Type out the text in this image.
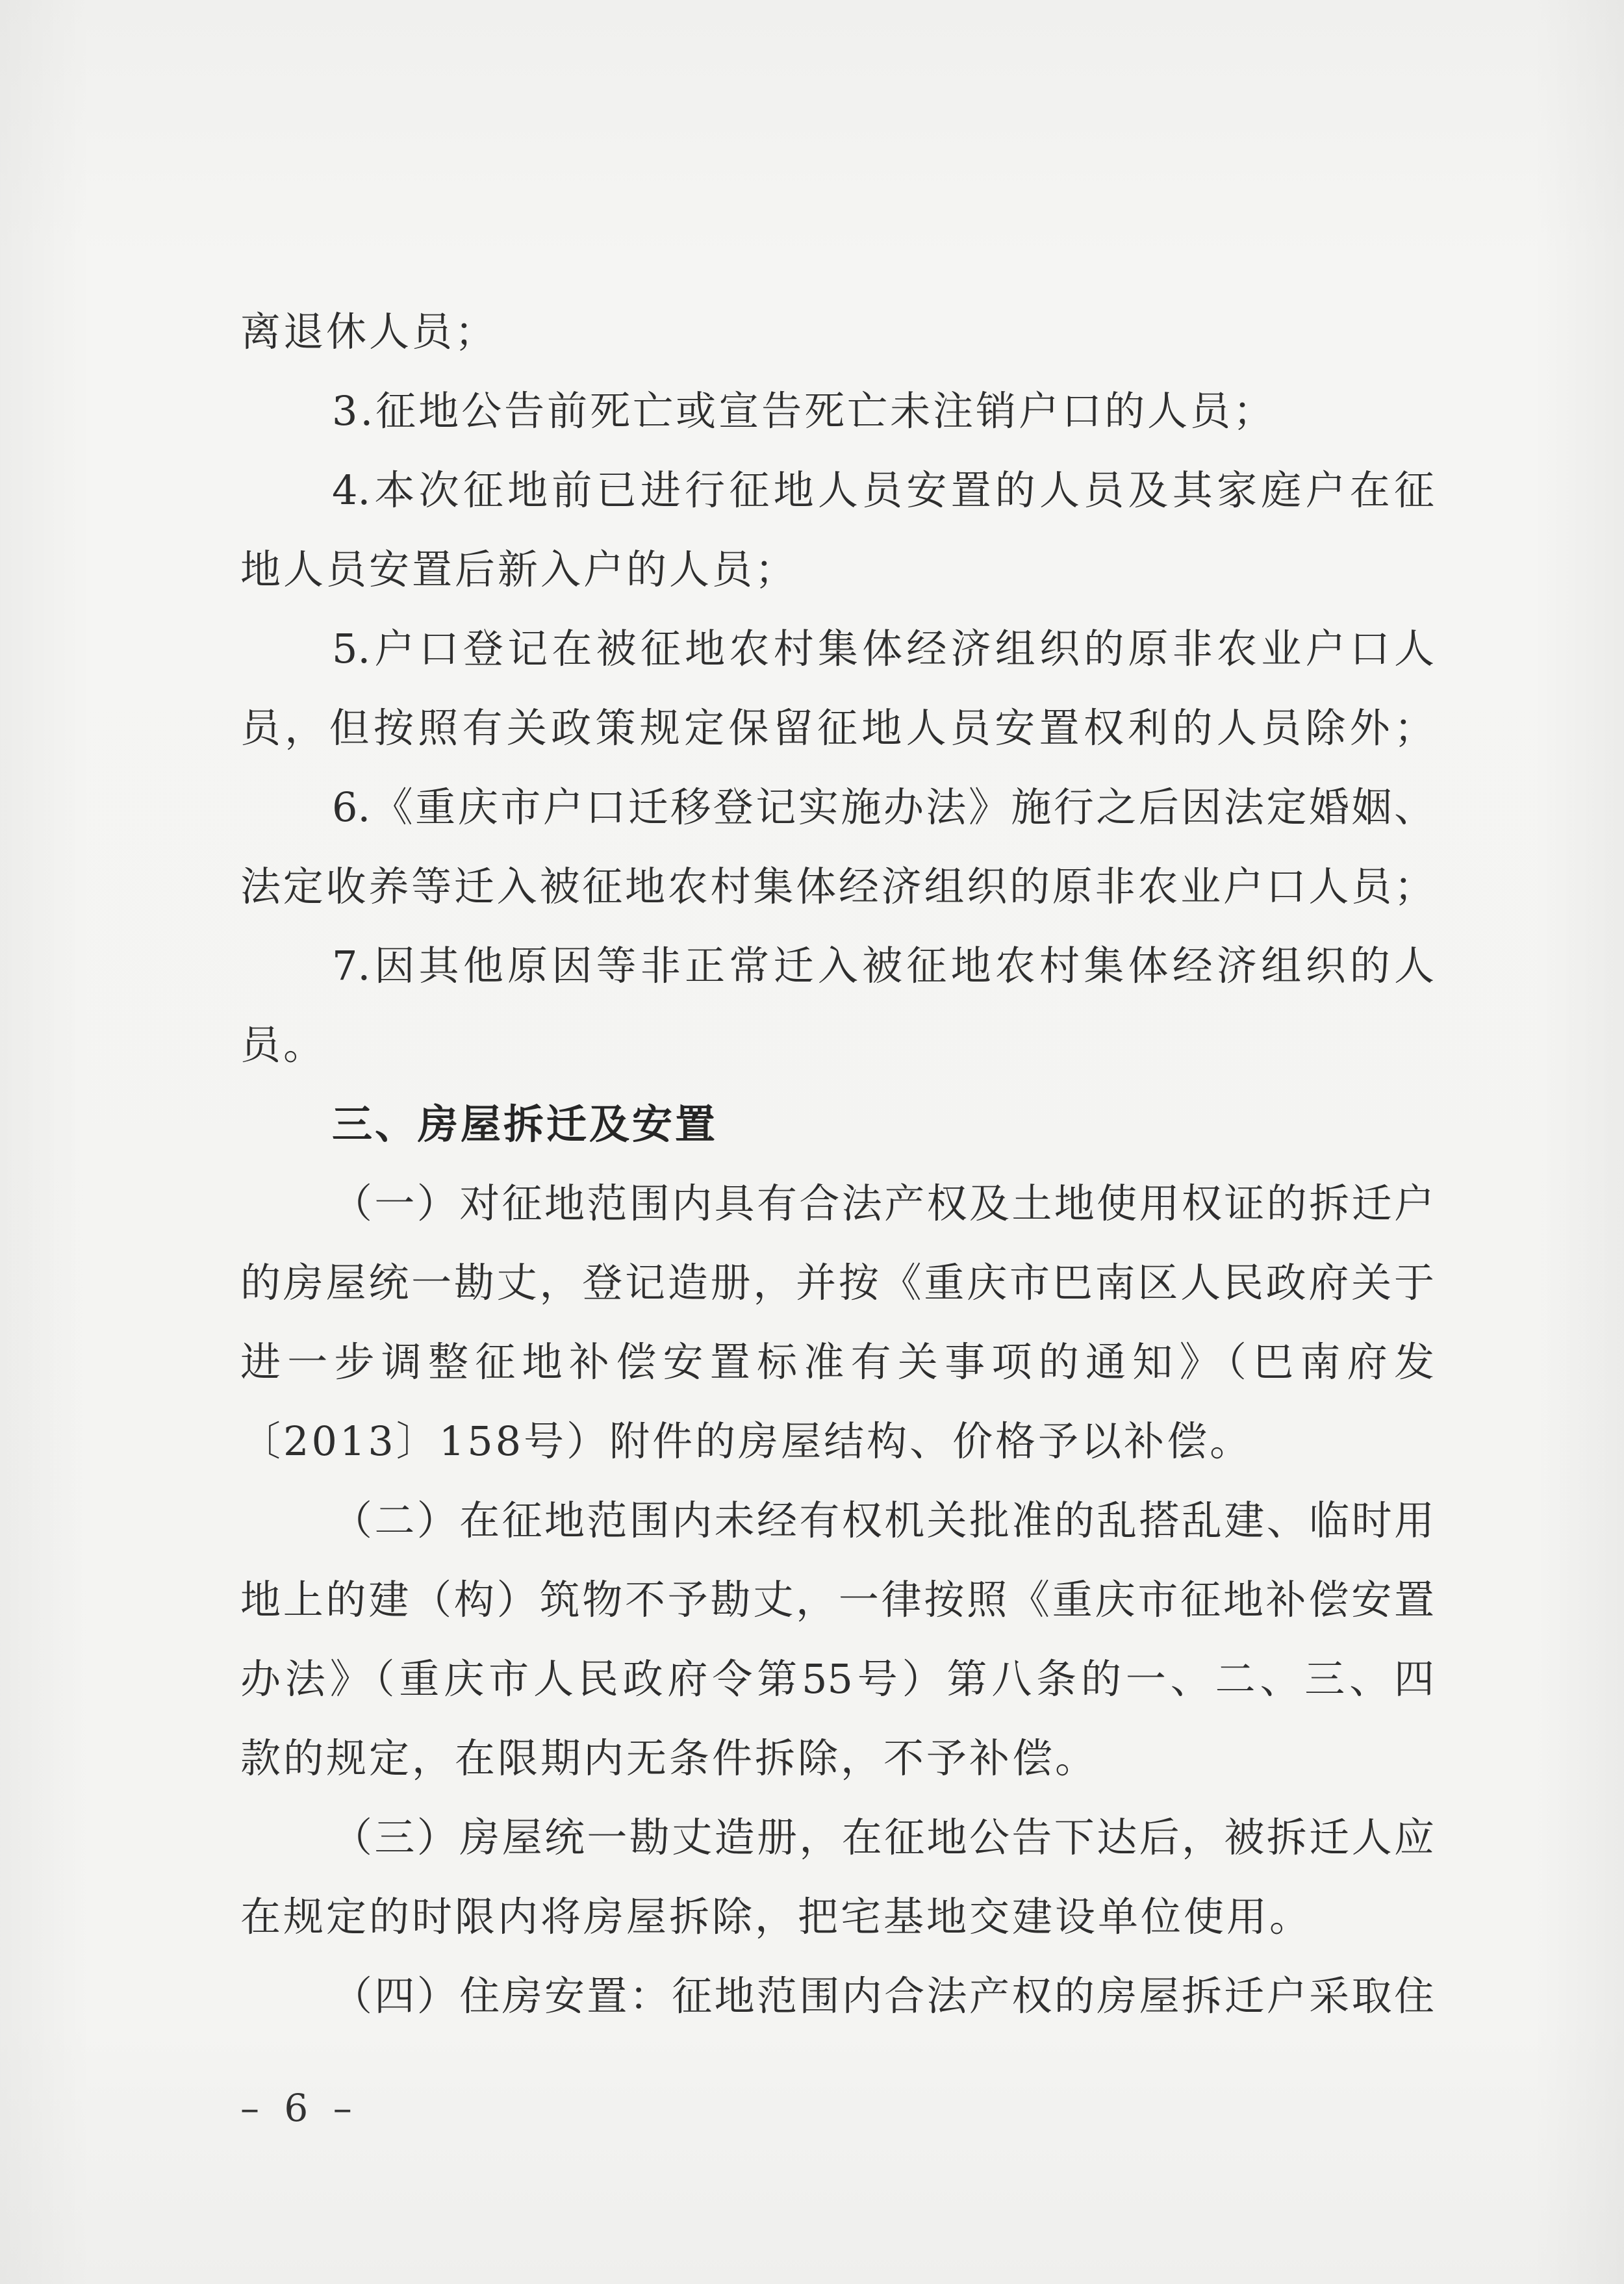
离退休人员；
3.征地公告前死亡或宣告死亡未注销户口的人员；
4.本次征地前已进行征地人员安置的人员及其家庭户在征
地人员安置后新入户的人员；
5.户口登记在被征地农村集体经济组织的原非农业户口人
员，但按照有关政策规定保留征地人员安置权利的人员除外；
6.《重庆市户口迁移登记实施办法》施行之后因法定婚姻、
法定收养等迁入被征地农村集体经济组织的原非农业户口人员；
7.因其他原因等非正常迁入被征地农村集体经济组织的人
员。
三、房屋拆迁及安置
（一）对征地范围内具有合法产权及土地使用权证的拆迁户
的房屋统一勘丈，登记造册，并按《重庆市巴南区人民政府关于
进一步调整征地补偿安置标准有关事项的通知》（巴南府发
〔2013〕158号）附件的房屋结构、价格予以补偿。
（二）在征地范围内未经有权机关批准的乱搭乱建、临时用
地上的建（构）筑物不予勘丈，一律按照《重庆市征地补偿安置
办法》（重庆市人民政府令第55号）第八条的一、二、三、四
款的规定，在限期内无条件拆除，不予补偿。
（三）房屋统一勘丈造册，在征地公告下达后，被拆迁人应
在规定的时限内将房屋拆除，把宅基地交建设单位使用。
（四）住房安置：征地范围内合法产权的房屋拆迁户采取住
– 6 –
